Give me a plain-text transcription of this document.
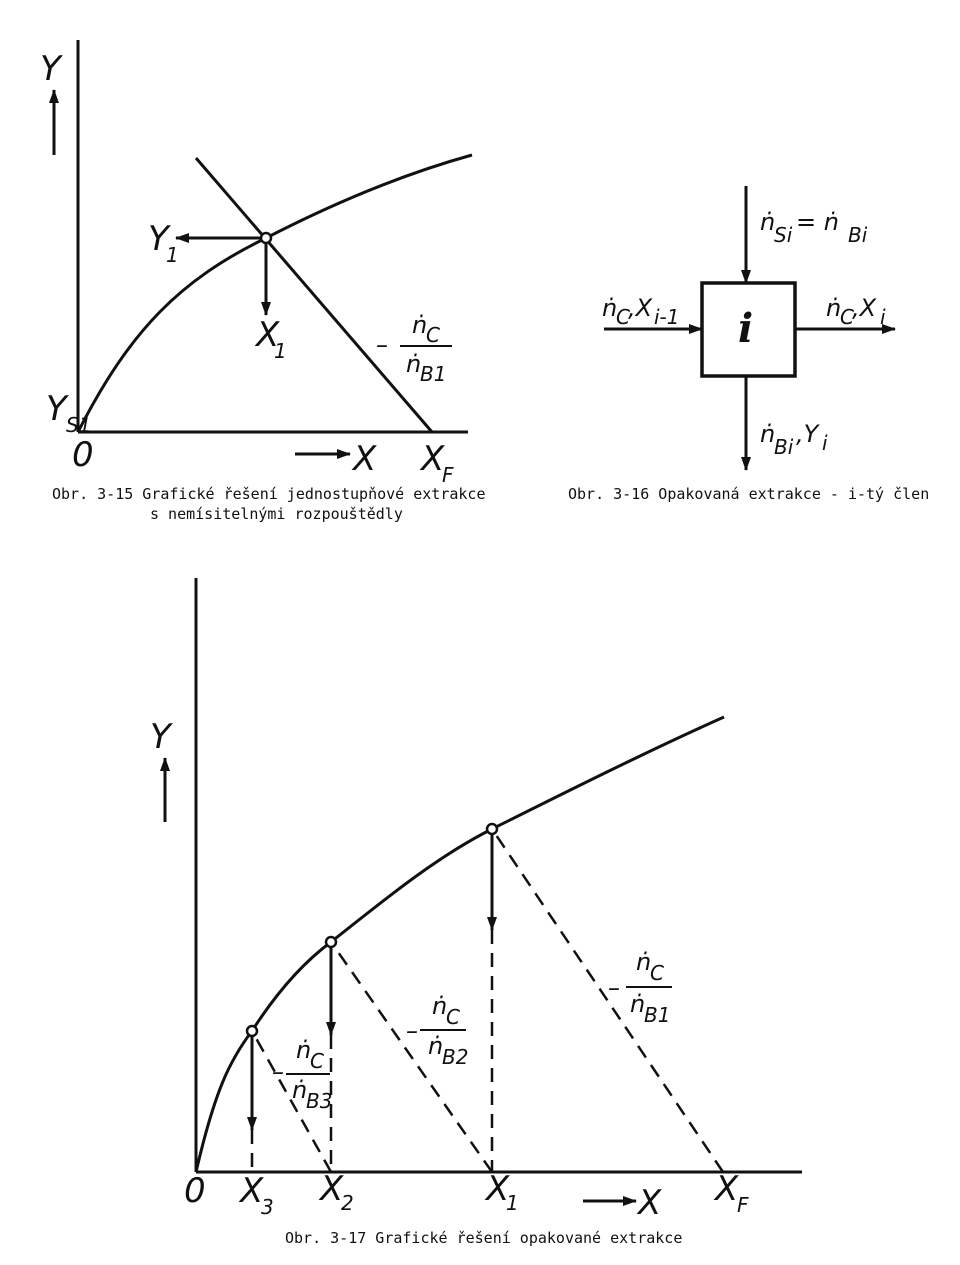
Y
X
0
Y S1
Y
1
X
1
X
F
–
ṅ
C
ṅ
B1
Obr. 3-15 Grafické řešení jednostupňové extrakce
s nemísitelnými rozpouštědly
i
ṅ
Si = ṅ Bi
ṅ
C
,X i-1	ṅ
C
,X i
ṅ
Bi ,Y i
Obr. 3-16 Opakovaná extrakce - i-tý člen
Y
X
0 X
3 X
2	X
1	X
F
–
ṅ
C
ṅ
B1
–
ṅ
C
ṅ
B2
–
ṅ
C
ṅ
B3
Obr. 3-17 Grafické řešení opakované extrakce
